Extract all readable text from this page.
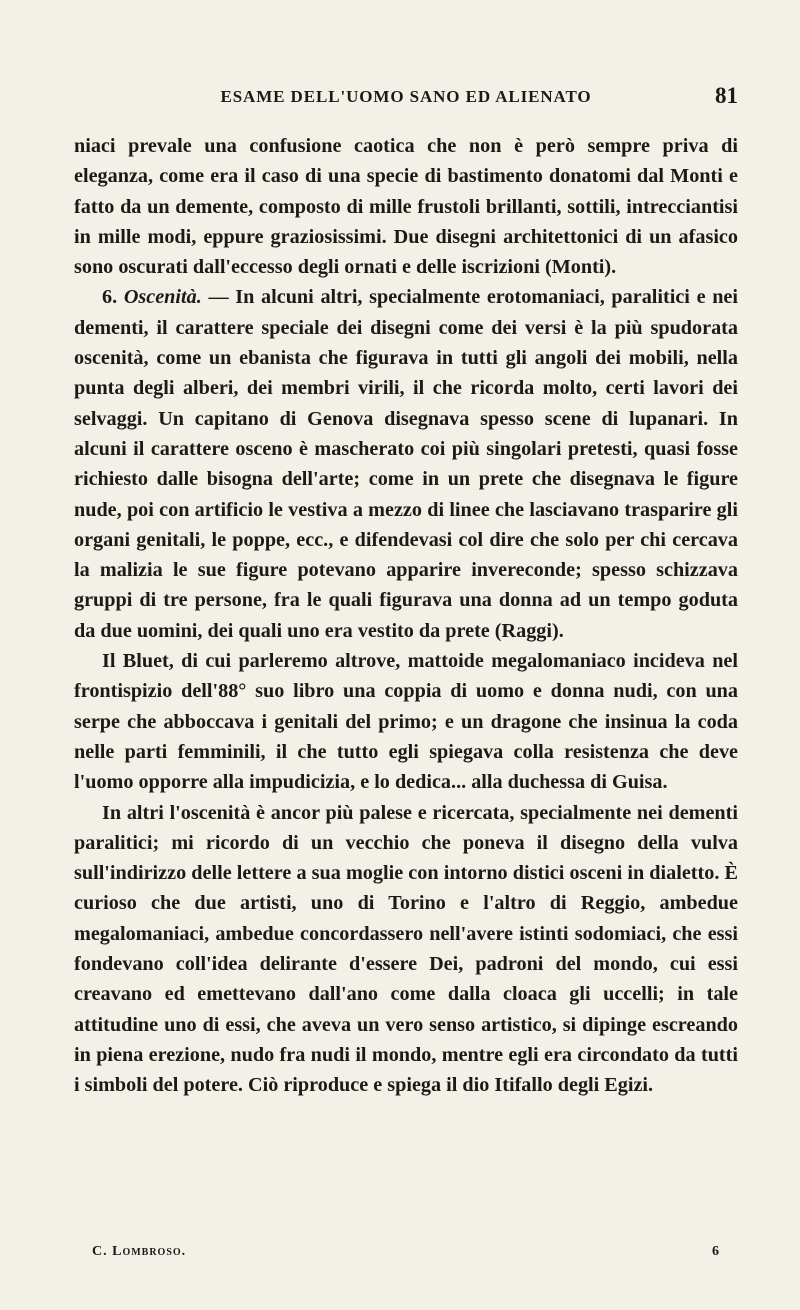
ESAME DELL'UOMO SANO ED ALIENATO	81

niaci prevale una confusione caotica che non è però sempre priva di eleganza, come era il caso di una specie di bastimento donatomi dal Monti e fatto da un demente, composto di mille frustoli brillanti, sottili, intrecciantisi in mille modi, eppure graziosissimi. Due disegni architettonici di un afasico sono oscurati dall'eccesso degli ornati e delle iscrizioni (Monti).

6. Oscenità. — In alcuni altri, specialmente erotomaniaci, paralitici e nei dementi, il carattere speciale dei disegni come dei versi è la più spudorata oscenità, come un ebanista che figurava in tutti gli angoli dei mobili, nella punta degli alberi, dei membri virili, il che ricorda molto, certi lavori dei selvaggi. Un capitano di Genova disegnava spesso scene di lupanari. In alcuni il carattere osceno è mascherato coi più singolari pretesti, quasi fosse richiesto dalle bisogna dell'arte; come in un prete che disegnava le figure nude, poi con artificio le vestiva a mezzo di linee che lasciavano trasparire gli organi genitali, le poppe, ecc., e difendevasi col dire che solo per chi cercava la malizia le sue figure potevano apparire invereconde; spesso schizzava gruppi di tre persone, fra le quali figurava una donna ad un tempo goduta da due uomini, dei quali uno era vestito da prete (Raggi).

Il Bluet, di cui parleremo altrove, mattoide megalomaniaco incideva nel frontispizio dell'88° suo libro una coppia di uomo e donna nudi, con una serpe che abboccava i genitali del primo; e un dragone che insinua la coda nelle parti femminili, il che tutto egli spiegava colla resistenza che deve l'uomo opporre alla impudicizia, e lo dedica... alla duchessa di Guisa.

In altri l'oscenità è ancor più palese e ricercata, specialmente nei dementi paralitici; mi ricordo di un vecchio che poneva il disegno della vulva sull'indirizzo delle lettere a sua moglie con intorno distici osceni in dialetto. È curioso che due artisti, uno di Torino e l'altro di Reggio, ambedue megalomaniaci, ambedue concordassero nell'avere istinti sodomiaci, che essi fondevano coll'idea delirante d'essere Dei, padroni del mondo, cui essi creavano ed emettevano dall'ano come dalla cloaca gli uccelli; in tale attitudine uno di essi, che aveva un vero senso artistico, si dipinge escreando in piena erezione, nudo fra nudi il mondo, mentre egli era circondato da tutti i simboli del potere. Ciò riproduce e spiega il dio Itifallo degli Egizi.

C. Lombroso.	6
